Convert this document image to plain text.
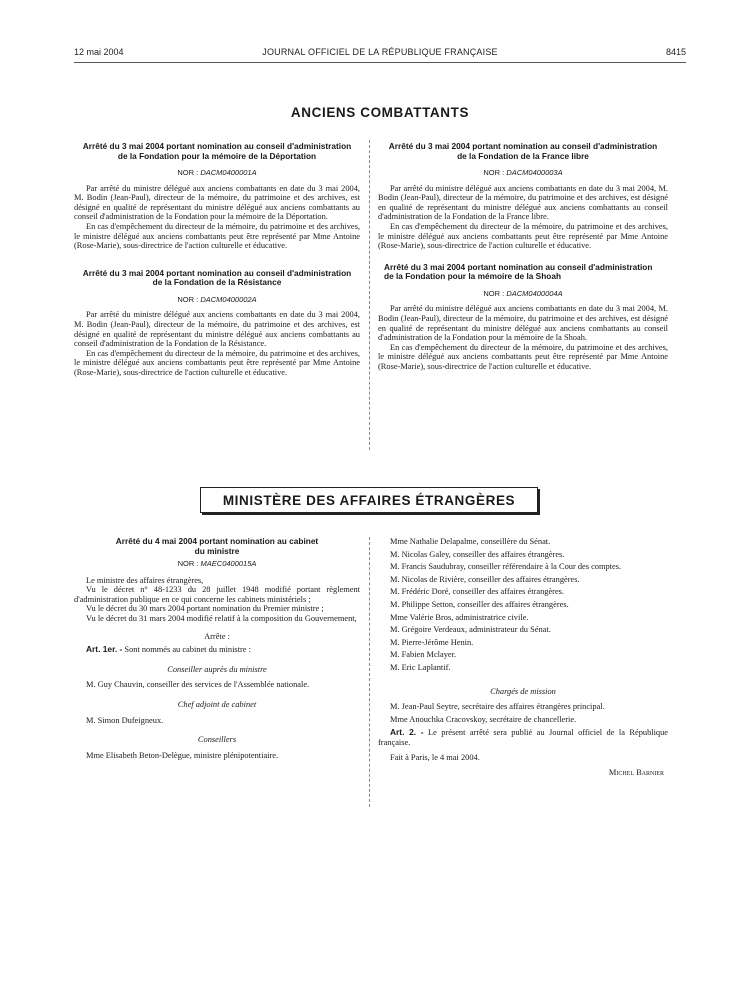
12 mai 2004	JOURNAL OFFICIEL DE LA RÉPUBLIQUE FRANÇAISE	8415
ANCIENS COMBATTANTS
Arrêté du 3 mai 2004 portant nomination au conseil d'administration de la Fondation pour la mémoire de la Déportation
NOR : DACM0400001A

Par arrêté du ministre délégué aux anciens combattants en date du 3 mai 2004, M. Bodin (Jean-Paul), directeur de la mémoire, du patrimoine et des archives, est désigné en qualité de représentant du ministre délégué aux anciens combattants au conseil d'administration de la Fondation pour la mémoire de la Déportation.

En cas d'empêchement du directeur de la mémoire, du patrimoine et des archives, le ministre délégué aux anciens combattants peut être représenté par Mme Antoine (Rose-Marie), sous-directrice de l'action culturelle et éducative.

Arrêté du 3 mai 2004 portant nomination au conseil d'administration de la Fondation de la Résistance
NOR : DACM0400002A

Par arrêté du ministre délégué aux anciens combattants en date du 3 mai 2004, M. Bodin (Jean-Paul), directeur de la mémoire, du patrimoine et des archives, est désigné en qualité de représentant du ministre délégué aux anciens combattants au conseil d'administration de la Fondation de la Résistance.

En cas d'empêchement du directeur de la mémoire, du patrimoine et des archives, le ministre délégué aux anciens combattants peut être représenté par Mme Antoine (Rose-Marie), sous-directrice de l'action culturelle et éducative.

Arrêté du 3 mai 2004 portant nomination au conseil d'administration de la Fondation de la France libre
NOR : DACM0400003A

Par arrêté du ministre délégué aux anciens combattants en date du 3 mai 2004, M. Bodin (Jean-Paul), directeur de la mémoire, du patrimoine et des archives, est désigné en qualité de représentant du ministre délégué aux anciens combattants au conseil d'administration de la Fondation de la France libre.

En cas d'empêchement du directeur de la mémoire, du patrimoine et des archives, le ministre délégué aux anciens combattants peut être représenté par Mme Antoine (Rose-Marie), sous-directrice de l'action culturelle et éducative.

Arrêté du 3 mai 2004 portant nomination au conseil d'administration de la Fondation pour la mémoire de la Shoah
NOR : DACM0400004A

Par arrêté du ministre délégué aux anciens combattants en date du 3 mai 2004, M. Bodin (Jean-Paul), directeur de la mémoire, du patrimoine et des archives, est désigné en qualité de représentant du ministre délégué aux anciens combattants au conseil d'administration de la Fondation pour la mémoire de la Shoah.

En cas d'empêchement du directeur de la mémoire, du patrimoine et des archives, le ministre délégué aux anciens combattants peut être représenté par Mme Antoine (Rose-Marie), sous-directrice de l'action culturelle et éducative.

MINISTÈRE DES AFFAIRES ÉTRANGÈRES
Arrêté du 4 mai 2004 portant nomination au cabinet du ministre
NOR : MAEC0400015A

Le ministre des affaires étrangères,

Vu le décret n° 48-1233 du 28 juillet 1948 modifié portant règlement d'administration publique en ce qui concerne les cabinets ministériels ;

Vu le décret du 30 mars 2004 portant nomination du Premier ministre ;

Vu le décret du 31 mars 2004 modifié relatif à la composition du Gouvernement,

Arrête :

Art. 1er. - Sont nommés au cabinet du ministre :

Conseiller auprès du ministre

M. Guy Chauvin, conseiller des services de l'Assemblée nationale.

Chef adjoint de cabinet

M. Simon Dufeigneux.

Conseillers

Mme Elisabeth Beton-Delègue, ministre plénipotentiaire.

Mme Nathalie Delapalme, conseillère du Sénat.

M. Nicolas Galey, conseiller des affaires étrangères.

M. Francis Saudubray, conseiller référendaire à la Cour des comptes.

M. Nicolas de Rivière, conseiller des affaires étrangères.

M. Frédéric Doré, conseiller des affaires étrangères.

M. Philippe Setton, conseiller des affaires étrangères.

Mme Valérie Bros, administratrice civile.

M. Grégoire Verdeaux, administrateur du Sénat.

M. Pierre-Jérôme Henin.

M. Fabien Mclayer.

M. Eric Laplantif.

Chargés de mission

M. Jean-Paul Seytre, secrétaire des affaires étrangères principal.

Mme Anouchka Cracovskoy, secrétaire de chancellerie.

Art. 2. - Le présent arrêté sera publié au Journal officiel de la République française.

Fait à Paris, le 4 mai 2004.

Michel Barnier
